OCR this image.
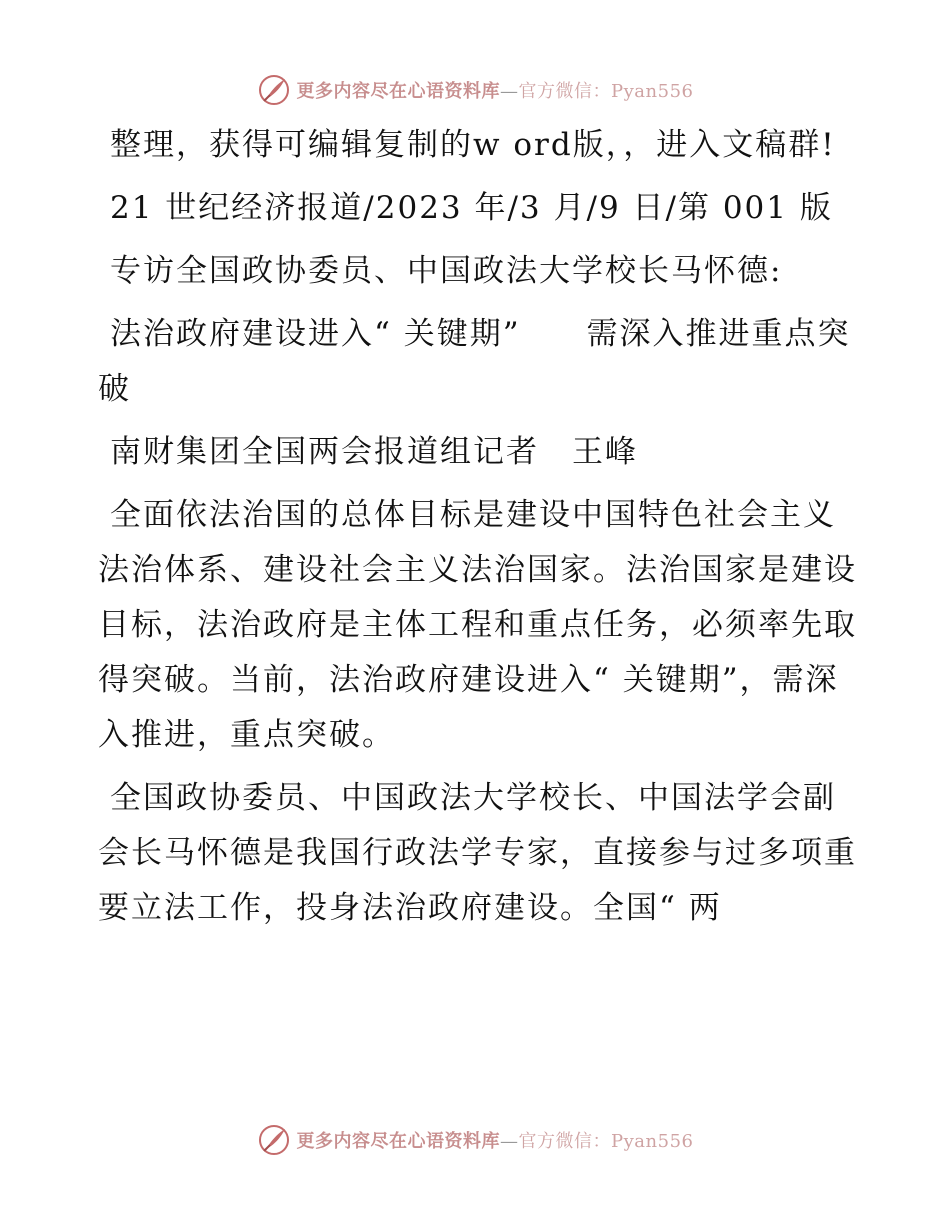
更多内容尽在心语资料库—官方微信：Pyan556

整理，获得可编辑复制的w ord版，，进入文稿群!

21 世纪经济报道/2023 年/3 月/9 日/第 001 版

专访全国政协委员、中国政法大学校长马怀德:

法治政府建设进入“ 关键期”　　需深入推进重点突破

南财集团全国两会报道组记者　王峰

全面依法治国的总体目标是建设中国特色社会主义法治体系、建设社会主义法治国家。法治国家是建设目标，法治政府是主体工程和重点任务，必须率先取得突破。当前，法治政府建设进入“ 关键期”，需深入推进，重点突破。

全国政协委员、中国政法大学校长、中国法学会副会长马怀德是我国行政法学专家，直接参与过多项重要立法工作，投身法治政府建设。全国“ 两

更多内容尽在心语资料库—官方微信：Pyan556
